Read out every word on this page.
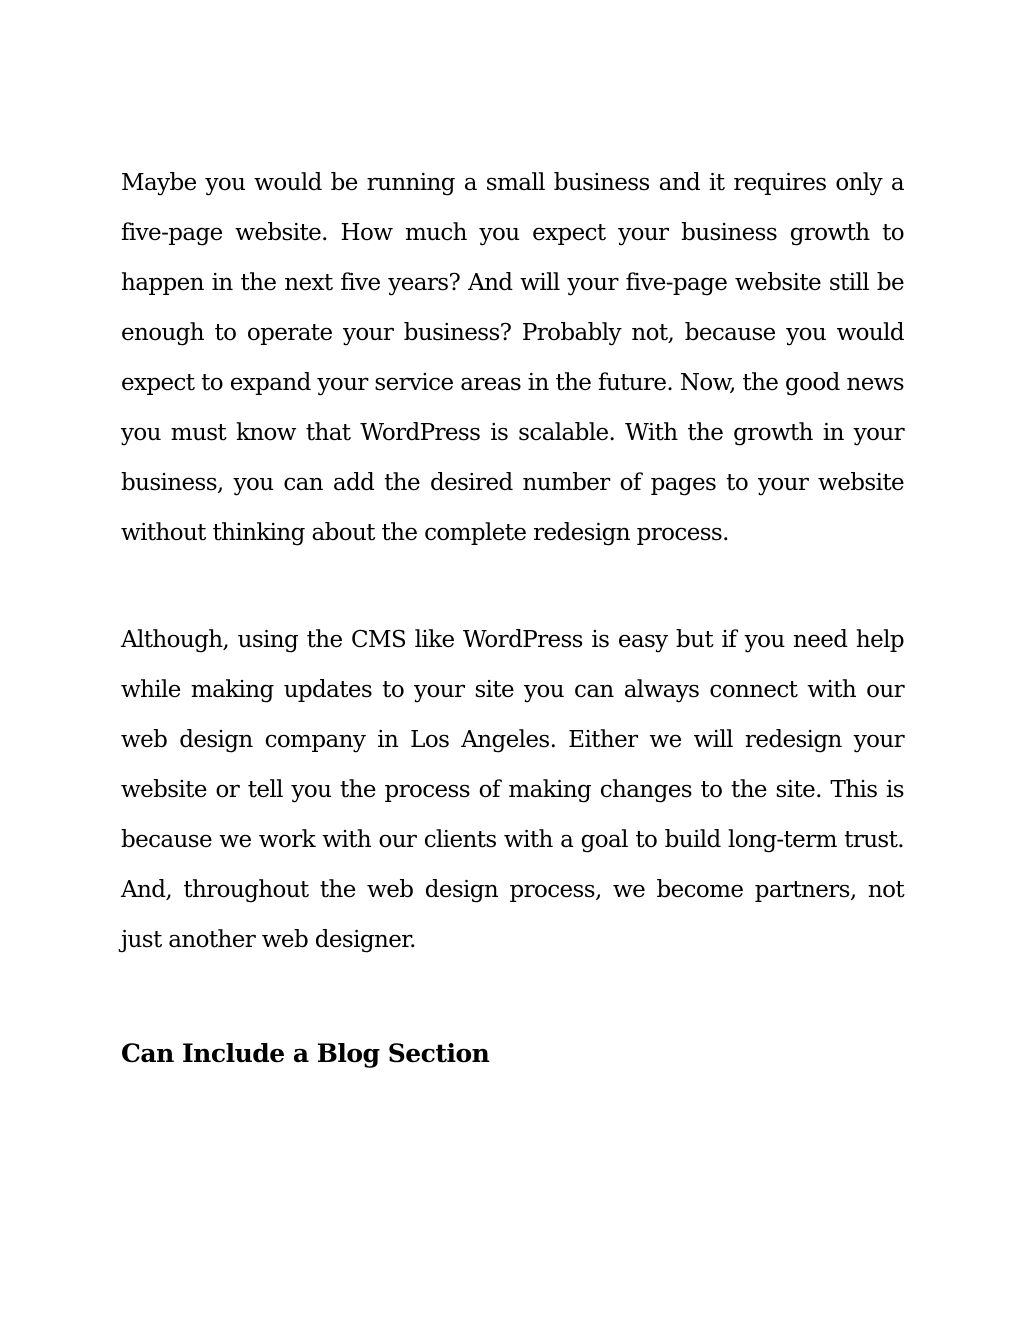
Maybe you would be running a small business and it requires only a five-page website. How much you expect your business growth to happen in the next five years? And will your five-page website still be enough to operate your business? Probably not, because you would expect to expand your service areas in the future. Now, the good news you must know that WordPress is scalable. With the growth in your business, you can add the desired number of pages to your website without thinking about the complete redesign process.

Although, using the CMS like WordPress is easy but if you need help while making updates to your site you can always connect with our web design company in Los Angeles. Either we will redesign your website or tell you the process of making changes to the site. This is because we work with our clients with a goal to build long-term trust. And, throughout the web design process, we become partners, not just another web designer.

Can Include a Blog Section
